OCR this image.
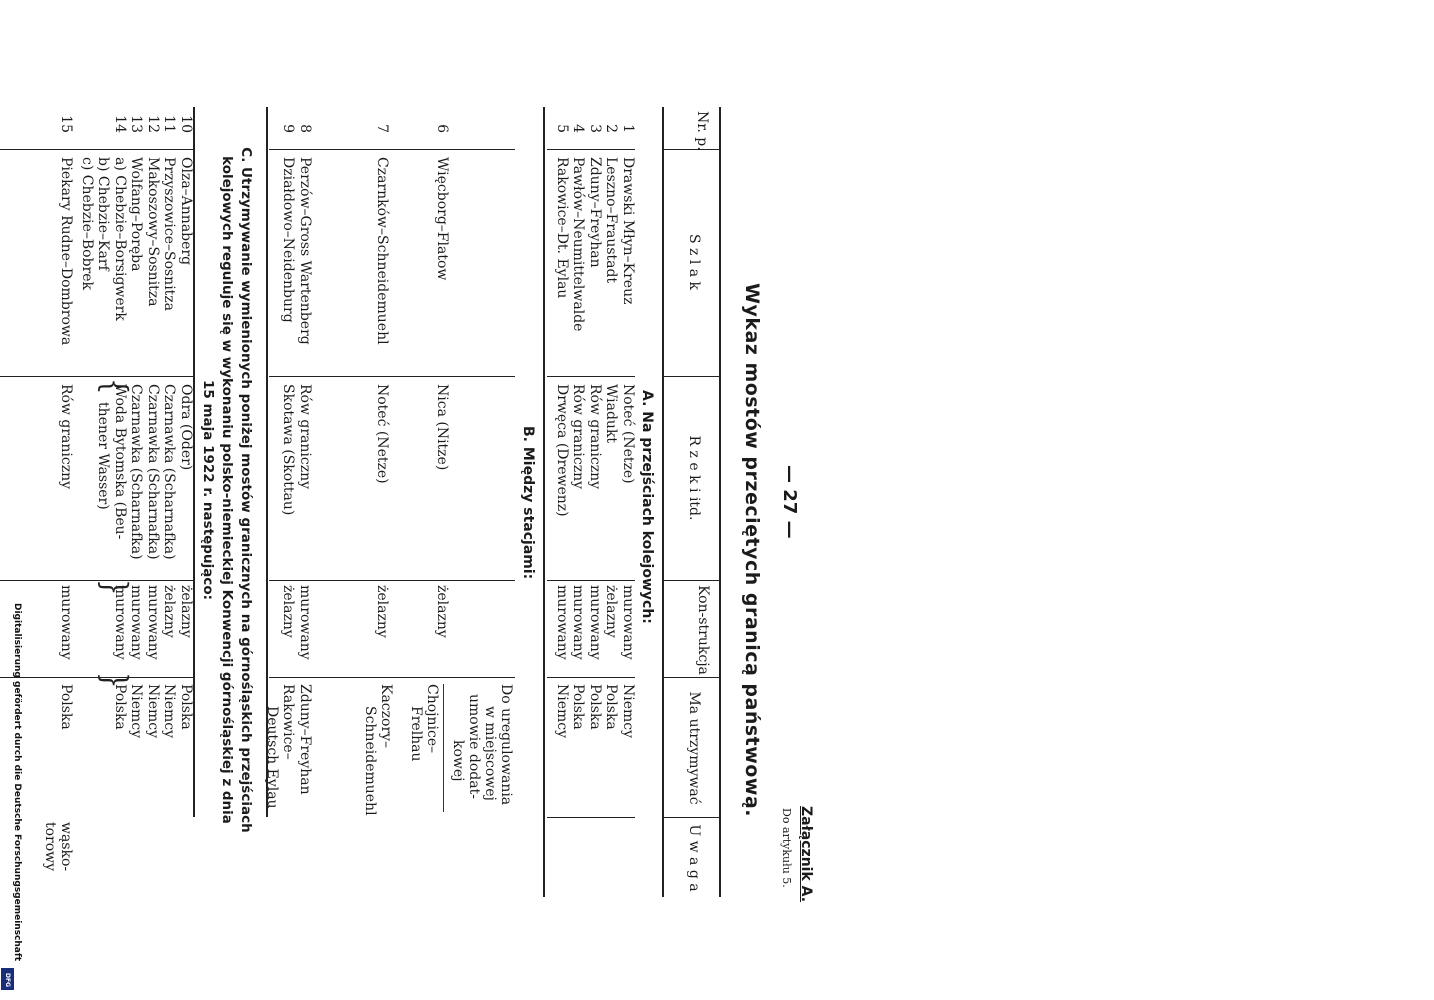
Digitalisierung gefördert durch die Deutsche Forschungsgemeinschaft
DFG
— 27 —
Załącznik A.
Do artykułu 5.
Wykaz mostów przeciętych granicą państwową.
Nr. p.
S z l a k
R z e k i itd.
Kon-strukcja
Ma utrzymywać
U w a g a
A. Na przejściach kolejowych:
1
2
3
4
5
Drawski Młyn–Kreuz
Leszno–Fraustadt
Zduny–Freyhan
Pawłów–Neumittelwalde
Rakowice–Dt. Eylau
Noteć (Netze)
Wiadukt
Rów graniczny
Rów graniczny
Drwęca (Drewenz)
murowany
żelazny
murowany
murowany
murowany
Niemcy
Polska
Polska
Polska
Niemcy
B. Między stacjami:
Do uregulowania
w miejscowej
umowie dodat-
kowej
6
Więcborg–Flatow
Nica (Nitze)
żelazny
Chojnice–
Frelhau
7
Czarnków–Schneidemuehl
Noteć (Netze)
żelazny
Kaczory–
Schneidemuehl
8
9
Perzów–Gross Wartenberg
Działdowo–Neidenburg
Rów graniczny
Skotawa (Skottau)
murowany
żelazny
Zduny–Freyhan
Rakowice–
Deutsch Eylau
C. Utrzymywanie wymienionych poniżej mostów granicznych na górnośląskich przejściach
kolejowych reguluje się w wykonaniu polsko-niemieckiej Konwencji górnośląskiej z dnia
15 maja 1922 r. następująco:
10
11
12
13
14
Olza–Annaberg
Przyszowice–Sosnitza
Makoszowy–Sosnitza
Wolfang–Poręba
a) Chebzie–Borsigwerk
b) Chebzie–Karf
c) Chebzie–Bobrek
Odra (Oder)
Czarnawka (Scharnafka)
Czarnawka (Scharnafka)
Czarnawka (Scharnafka)
Woda Bytomska (Beu-
thener Wasser)
żelazny
żelazny
murowany
murowany
murowany
Polska
Niemcy
Niemcy
Niemcy
Polska
{
}
}
15
Piekary Rudne–Dombrowa
Rów graniczny
murowany
Polska
wąsko-
torowy
